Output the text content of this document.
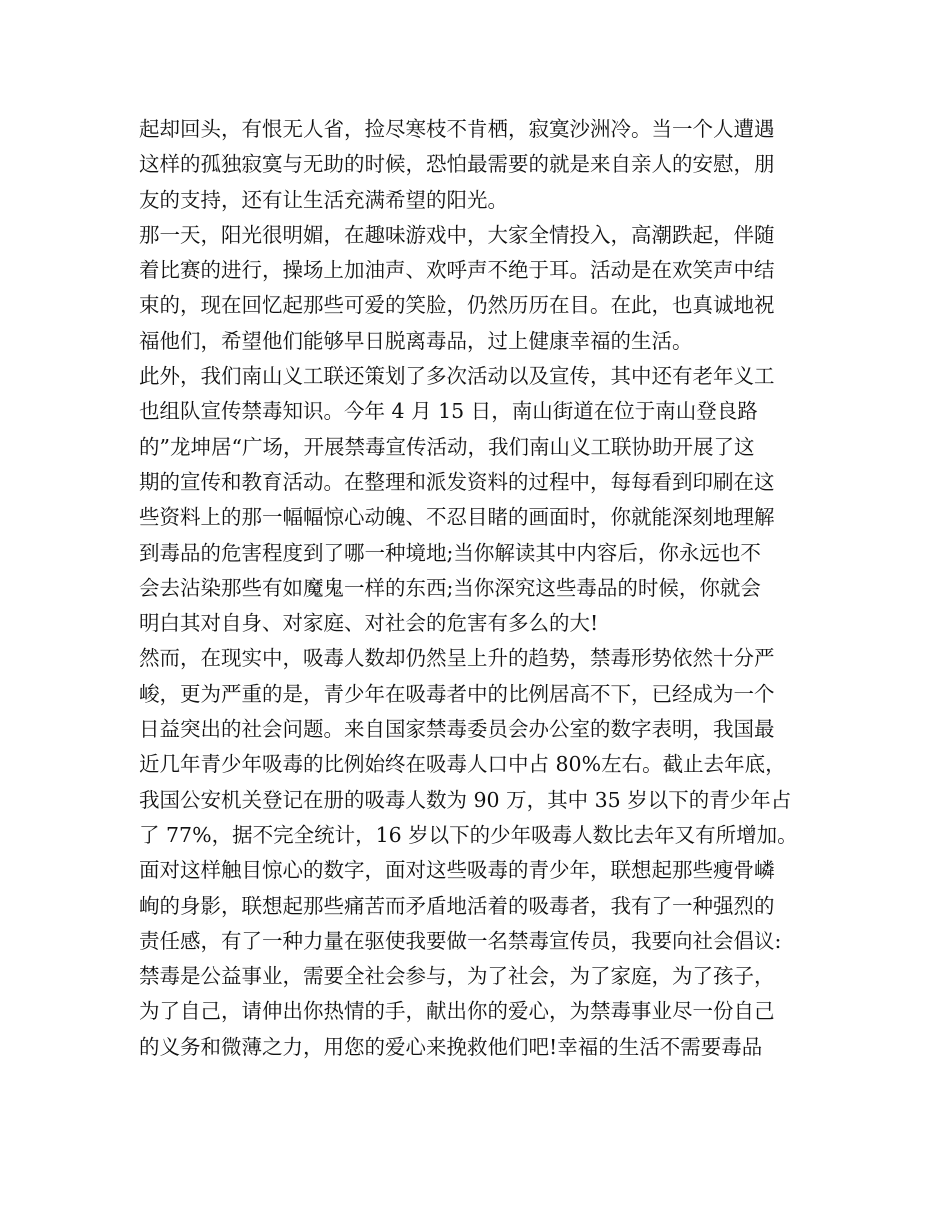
起却回头，有恨无人省，捡尽寒枝不肯栖，寂寞沙洲冷。当一个人遭遇
这样的孤独寂寞与无助的时候，恐怕最需要的就是来自亲人的安慰，朋
友的支持，还有让生活充满希望的阳光。
那一天，阳光很明媚，在趣味游戏中，大家全情投入，高潮跌起，伴随
着比赛的进行，操场上加油声、欢呼声不绝于耳。活动是在欢笑声中结
束的，现在回忆起那些可爱的笑脸，仍然历历在目。在此，也真诚地祝
福他们，希望他们能够早日脱离毒品，过上健康幸福的生活。
此外，我们南山义工联还策划了多次活动以及宣传，其中还有老年义工
也组队宣传禁毒知识。今年 4 月 15 日，南山街道在位于南山登良路
的”龙坤居“广场，开展禁毒宣传活动，我们南山义工联协助开展了这
期的宣传和教育活动。在整理和派发资料的过程中，每每看到印刷在这
些资料上的那一幅幅惊心动魄、不忍目睹的画面时，你就能深刻地理解
到毒品的危害程度到了哪一种境地;当你解读其中内容后，你永远也不
会去沾染那些有如魔鬼一样的东西;当你深究这些毒品的时候，你就会
明白其对自身、对家庭、对社会的危害有多么的大!
然而，在现实中，吸毒人数却仍然呈上升的趋势，禁毒形势依然十分严
峻，更为严重的是，青少年在吸毒者中的比例居高不下，已经成为一个
日益突出的社会问题。来自国家禁毒委员会办公室的数字表明，我国最
近几年青少年吸毒的比例始终在吸毒人口中占 80%左右。截止去年底，
我国公安机关登记在册的吸毒人数为 90 万，其中 35 岁以下的青少年占
了 77%，据不完全统计，16 岁以下的少年吸毒人数比去年又有所增加。
面对这样触目惊心的数字，面对这些吸毒的青少年，联想起那些瘦骨嶙
峋的身影，联想起那些痛苦而矛盾地活着的吸毒者，我有了一种强烈的
责任感，有了一种力量在驱使我要做一名禁毒宣传员，我要向社会倡议:
禁毒是公益事业，需要全社会参与，为了社会，为了家庭，为了孩子，
为了自己，请伸出你热情的手，献出你的爱心，为禁毒事业尽一份自己
的义务和微薄之力，用您的爱心来挽救他们吧!幸福的生活不需要毒品
